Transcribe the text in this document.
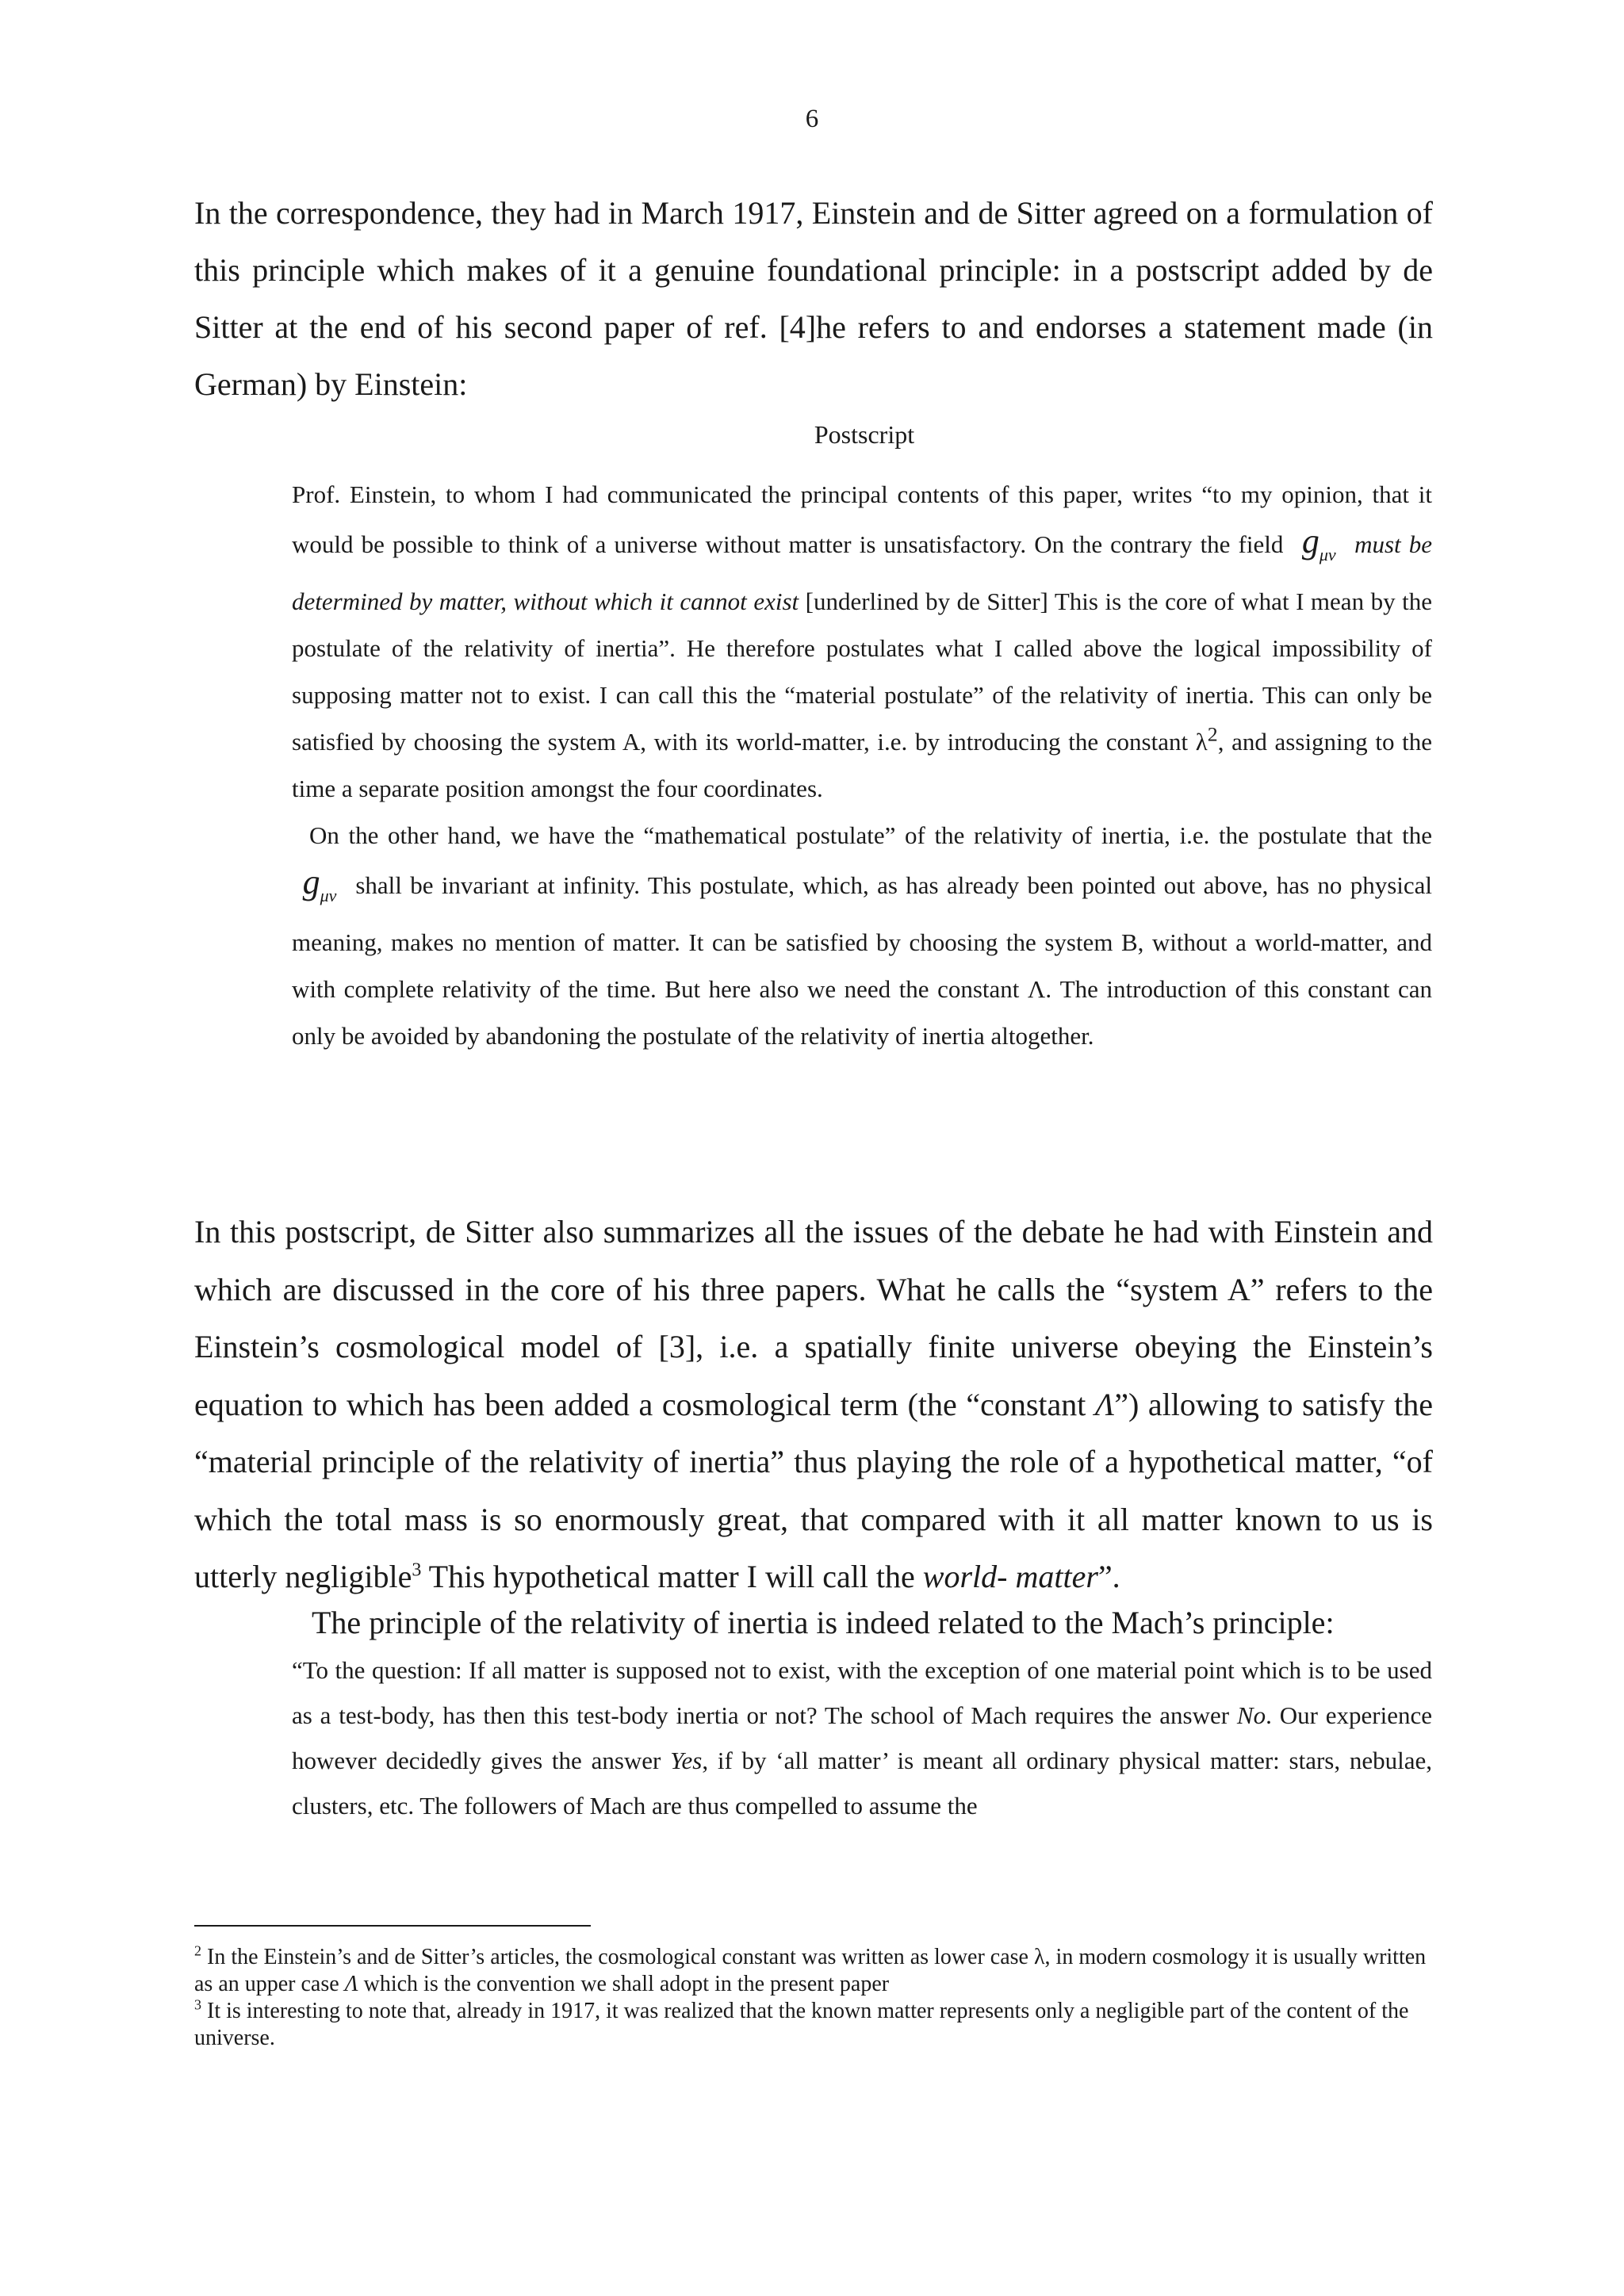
6

In the correspondence, they had in March 1917, Einstein and de Sitter agreed on a formulation of this principle which makes of it a genuine foundational principle: in a postscript added by de Sitter at the end of his second paper of ref. [4]he refers to and endorses a statement made (in German) by Einstein:

Postscript
Prof. Einstein, to whom I had communicated the principal contents of this paper, writes “to my opinion, that it would be possible to think of a universe without matter is unsatisfactory. On the contrary the field $g_{\mu\nu}$ must be determined by matter, without which it cannot exist [underlined by de Sitter] This is the core of what I mean by the postulate of the relativity of inertia”. He therefore postulates what I called above the logical impossibility of supposing matter not to exist. I can call this the “material postulate” of the relativity of inertia. This can only be satisfied by choosing the system A, with its world-matter, i.e. by introducing the constant $\lambda^2$, and assigning to the time a separate position amongst the four coordinates.
On the other hand, we have the “mathematical postulate” of the relativity of inertia, i.e. the postulate that the  $g_{\mu\nu}$ shall be invariant at infinity. This postulate, which, as has already been pointed out above, has no physical meaning, makes no mention of matter. It can be satisfied by choosing the system B, without a world-matter, and with complete relativity of the time. But here also we need the constant Λ. The introduction of this constant can only be avoided by abandoning the postulate of the relativity of inertia altogether.

In this postscript, de Sitter also summarizes all the issues of the debate he had with Einstein and which are discussed in the core of his three papers. What he calls the “system A” refers to the Einstein’s cosmological model of [3], i.e. a spatially finite universe obeying the Einstein’s equation to which has been added a cosmological term (the “constant Λ”) allowing to satisfy the “material principle of the relativity of inertia” thus playing the role of a hypothetical matter, “of which the total mass is so enormously great, that compared with it all matter known to us is utterly negligible$^3$ This hypothetical matter I will call the world- matter”.

The principle of the relativity of inertia is indeed related to the Mach’s principle:

“To the question: If all matter is supposed not to exist, with the exception of one material point which is to be used as a test-body, has then this test-body inertia or not? The school of Mach requires the answer No. Our experience however decidedly gives the answer Yes, if by ‘all matter’ is meant all ordinary physical matter: stars, nebulae, clusters, etc. The followers of Mach are thus compelled to assume the

$^2$ In the Einstein’s and de Sitter’s articles, the cosmological constant was written as lower case λ, in modern cosmology it is usually written as an upper case Λ which is the convention we shall adopt in the present paper
$^3$ It is interesting to note that, already in 1917, it was realized that the known matter represents only a negligible part of the content of the universe.
